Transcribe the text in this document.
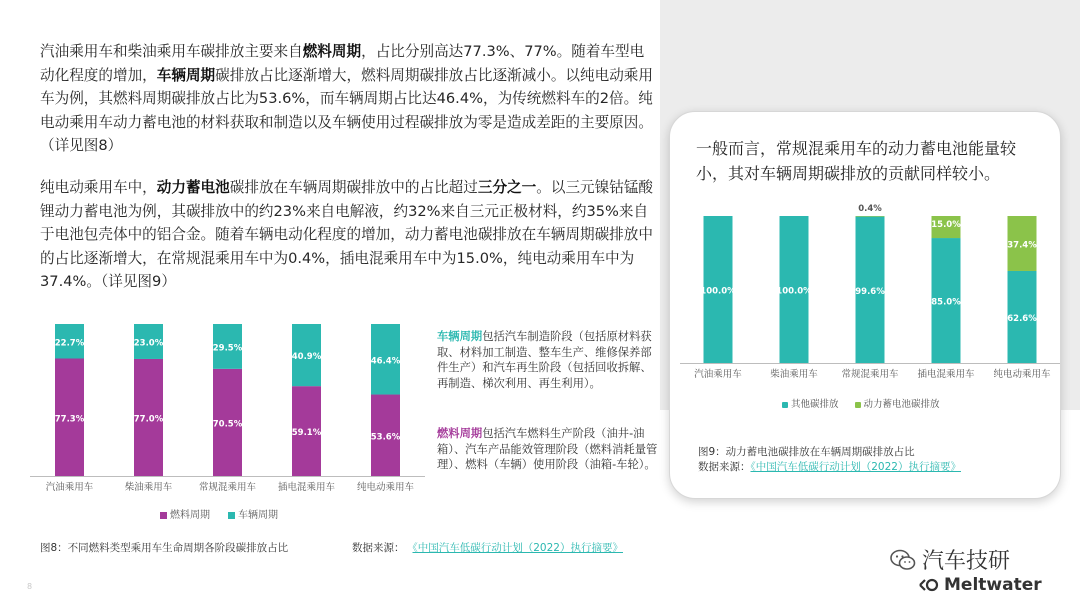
汽油乘用车和柴油乘用车碳排放主要来自燃料周期，占比分别高达77.3%、77%。随着车型电动化程度的增加，车辆周期碳排放占比逐渐增大，燃料周期碳排放占比逐渐减小。以纯电动乘用车为例，其燃料周期碳排放占比为53.6%，而车辆周期占比达46.4%，为传统燃料车的2倍。纯电动乘用车动力蓄电池的材料获取和制造以及车辆使用过程碳排放为零是造成差距的主要原因。（详见图8）
纯电动乘用车中，动力蓄电池碳排放在车辆周期碳排放中的占比超过三分之一。以三元镍钴锰酸锂动力蓄电池为例，其碳排放中的约23%来自电解液，约32%来自三元正极材料，约35%来自于电池包壳体中的铝合金。随着车辆电动化程度的增加，动力蓄电池碳排放在车辆周期碳排放中的占比逐渐增大，在常规混乘用车中为0.4%，插电混乘用车中为15.0%，纯电动乘用车中为37.4%。（详见图9）
77.3%
22.7%
汽油乘用车
77.0%
23.0%
柴油乘用车
70.5%
29.5%
常规混乘用车
59.1%
40.9%
插电混乘用车
53.6%
46.4%
纯电动乘用车
燃料周期	车辆周期
车辆周期包括汽车制造阶段（包括原材料获取、材料加工制造、整车生产、维修保养部件生产）和汽车再生阶段（包括回收拆解、再制造、梯次利用、再生利用）。
燃料周期包括汽车燃料生产阶段（油井-油箱）、汽车产品能效管理阶段（燃料消耗量管理）、燃料（车辆）使用阶段（油箱-车轮）。
图8：不同燃料类型乘用车生命周期各阶段碳排放占比	数据来源： 《中国汽车低碳行动计划（2022）执行摘要》
一般而言，常规混乘用车的动力蓄电池能量较小，其对车辆周期碳排放的贡献同样较小。
100.0%
汽油乘用车
100.0%
柴油乘用车
99.6%
0.4%
常规混乘用车
85.0%
15.0%
插电混乘用车
62.6%
37.4%
纯电动乘用车
其他碳排放	动力蓄电池碳排放
图9：动力蓄电池碳排放在车辆周期碳排放占比
数据来源：《中国汽车低碳行动计划（2022）执行摘要》
汽车技研
Meltwater
8
